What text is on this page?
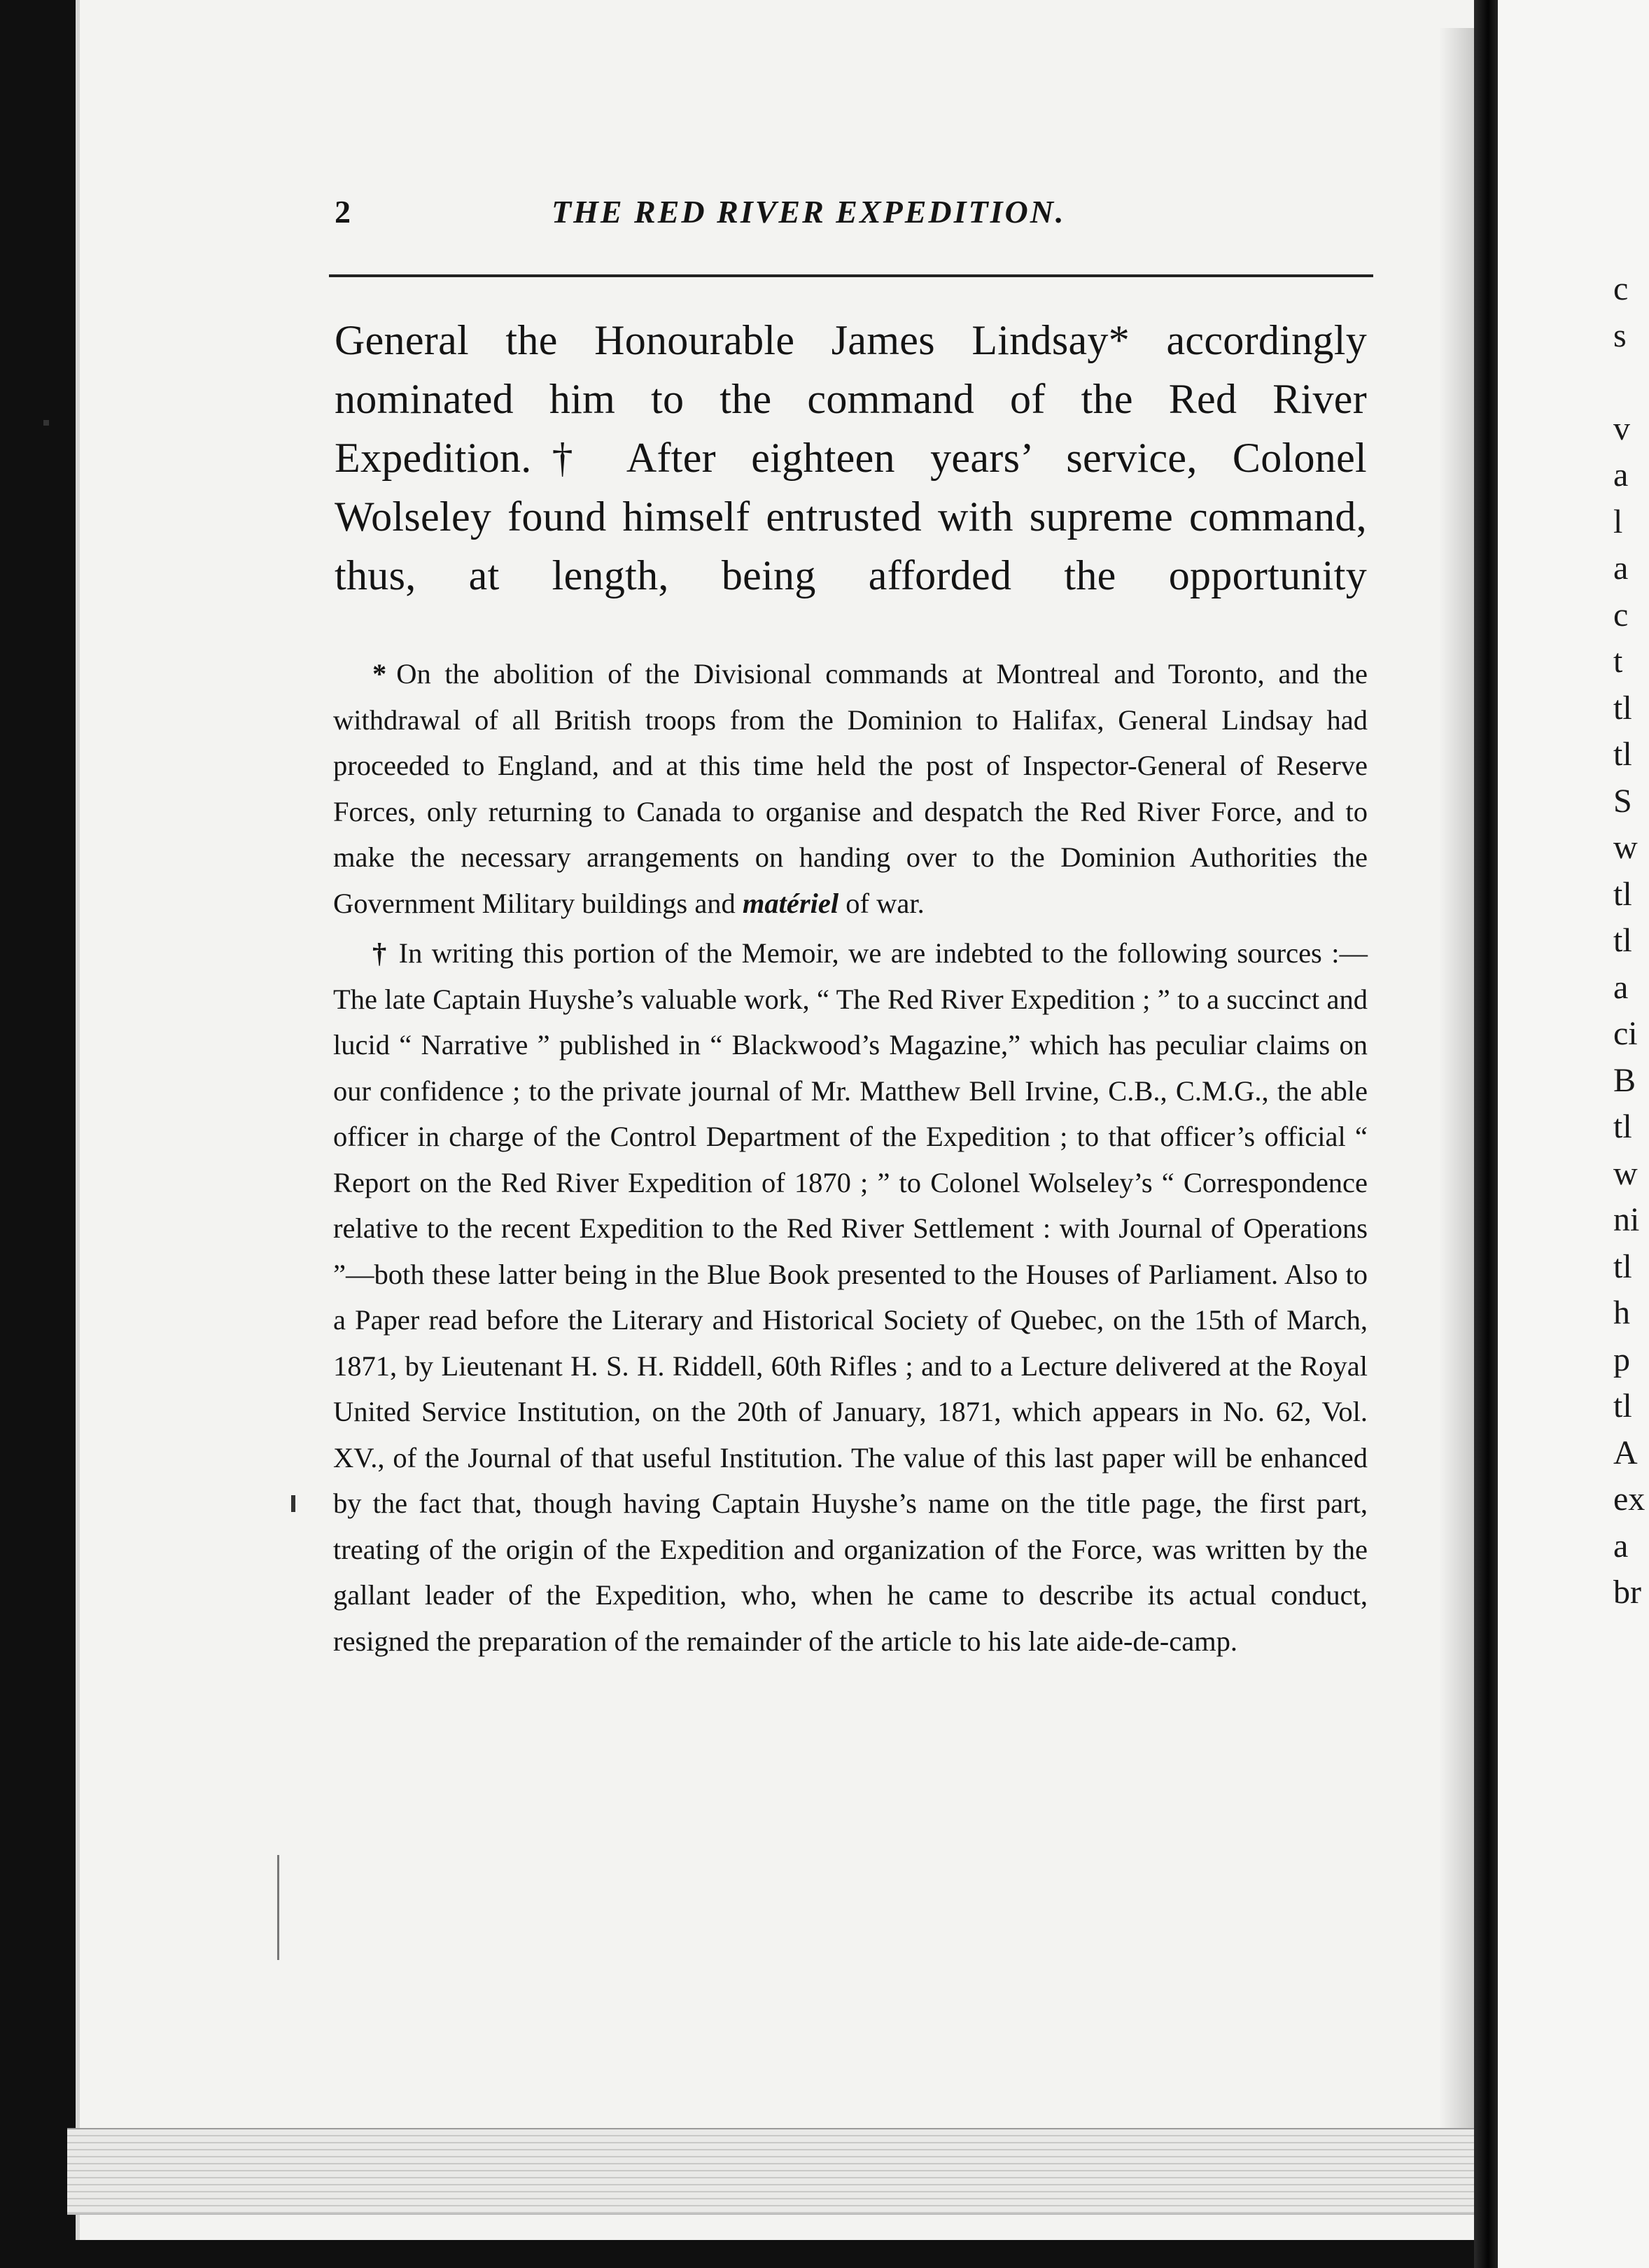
c
s
v
a
l
a
c
t
tl
tl
S
w
tl
tl
a
ci
B
tl
w
ni
tl
h
p
tl
A
ex
a
br
2	THE RED RIVER EXPEDITION.

General the Honourable James Lindsay* accordingly nominated him to the command of the Red River Expedition.† After eighteen years’ service, Colonel Wolseley found himself entrusted with supreme command, thus, at length, being afforded the opportunity

* On the abolition of the Divisional commands at Montreal and Toronto, and the withdrawal of all British troops from the Dominion to Halifax, General Lindsay had proceeded to England, and at this time held the post of Inspector-General of Reserve Forces, only returning to Canada to organise and despatch the Red River Force, and to make the necessary arrangements on handing over to the Dominion Authorities the Government Military buildings and matériel of war.

† In writing this portion of the Memoir, we are indebted to the following sources :—The late Captain Huyshe’s valuable work, “ The Red River Expedition ; ” to a succinct and lucid “ Narrative ” published in “ Blackwood’s Magazine,” which has peculiar claims on our confidence ; to the private journal of Mr. Matthew Bell Irvine, C.B., C.M.G., the able officer in charge of the Control Department of the Expedition ; to that officer’s official “ Report on the Red River Expedition of 1870 ; ” to Colonel Wolseley’s “ Correspondence relative to the recent Expedition to the Red River Settlement : with Journal of Operations ”—both these latter being in the Blue Book presented to the Houses of Parliament. Also to a Paper read before the Literary and Historical Society of Quebec, on the 15th of March, 1871, by Lieutenant H. S. H. Riddell, 60th Rifles ; and to a Lecture delivered at the Royal United Service Institution, on the 20th of January, 1871, which appears in No. 62, Vol. XV., of the Journal of that useful Institution. The value of this last paper will be enhanced by the fact that, though having Captain Huyshe’s name on the title page, the first part, treating of the origin of the Expedition and organization of the Force, was written by the gallant leader of the Expedition, who, when he came to describe its actual conduct, resigned the preparation of the remainder of the article to his late aide-de-camp.
